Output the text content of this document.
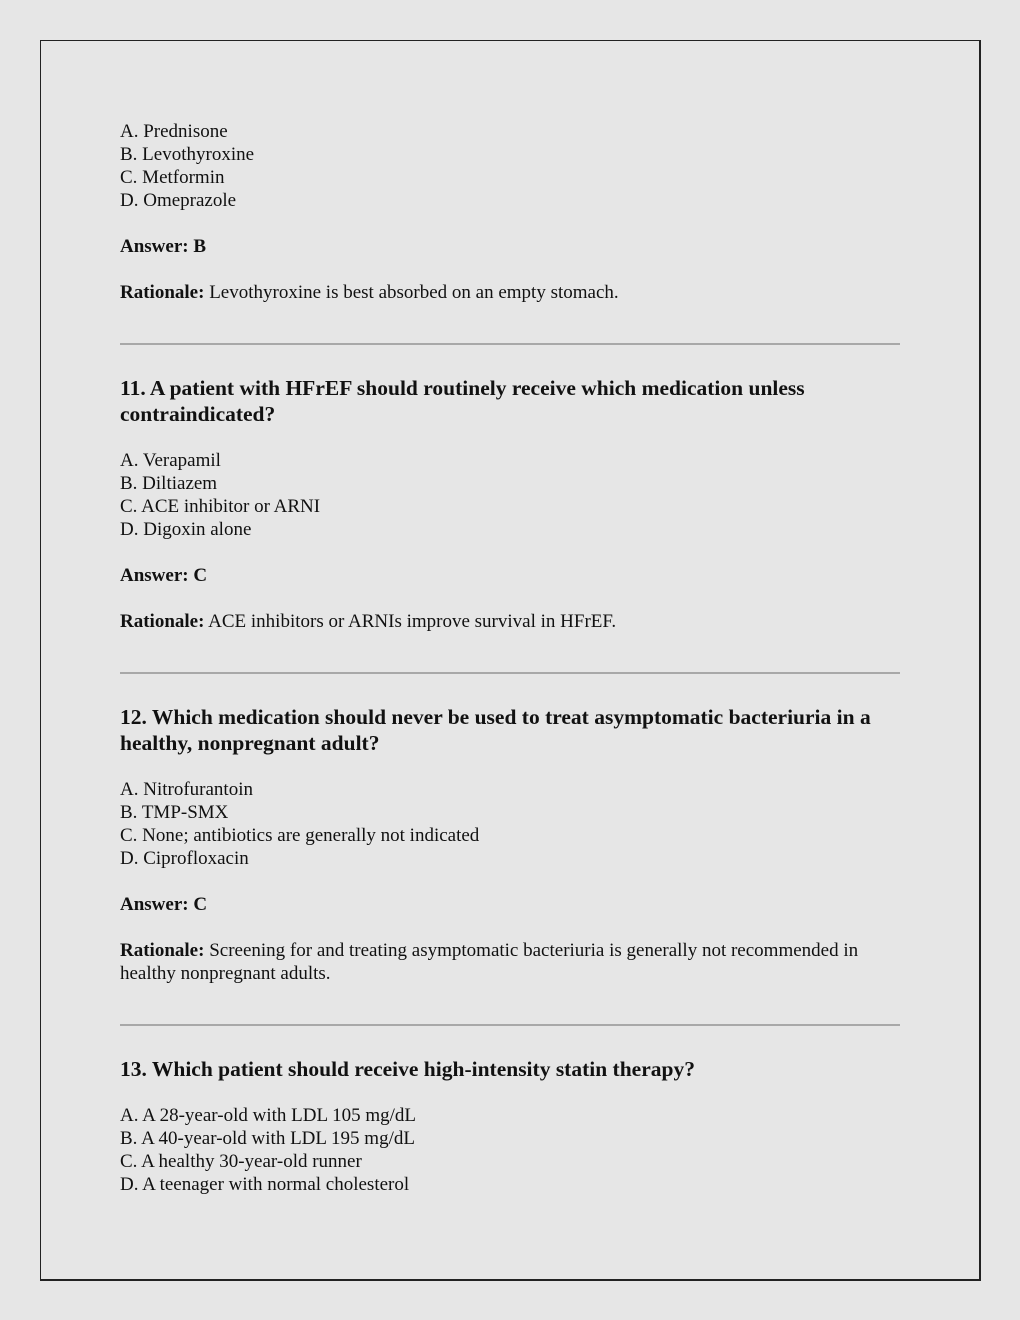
A. Prednisone

B. Levothyroxine

C. Metformin

D. Omeprazole

Answer: B
Rationale: Levothyroxine is best absorbed on an empty stomach.
11. A patient with HFrEF should routinely receive which medication unless contraindicated?

A. Verapamil

B. Diltiazem

C. ACE inhibitor or ARNI

D. Digoxin alone

Answer: C
Rationale: ACE inhibitors or ARNIs improve survival in HFrEF.
12. Which medication should never be used to treat asymptomatic bacteriuria in a healthy, nonpregnant adult?

A. Nitrofurantoin

B. TMP-SMX

C. None; antibiotics are generally not indicated

D. Ciprofloxacin

Answer: C
Rationale: Screening for and treating asymptomatic bacteriuria is generally not recommended in healthy nonpregnant adults.
13. Which patient should receive high-intensity statin therapy?

A. A 28-year-old with LDL 105 mg/dL

B. A 40-year-old with LDL 195 mg/dL

C. A healthy 30-year-old runner

D. A teenager with normal cholesterol
